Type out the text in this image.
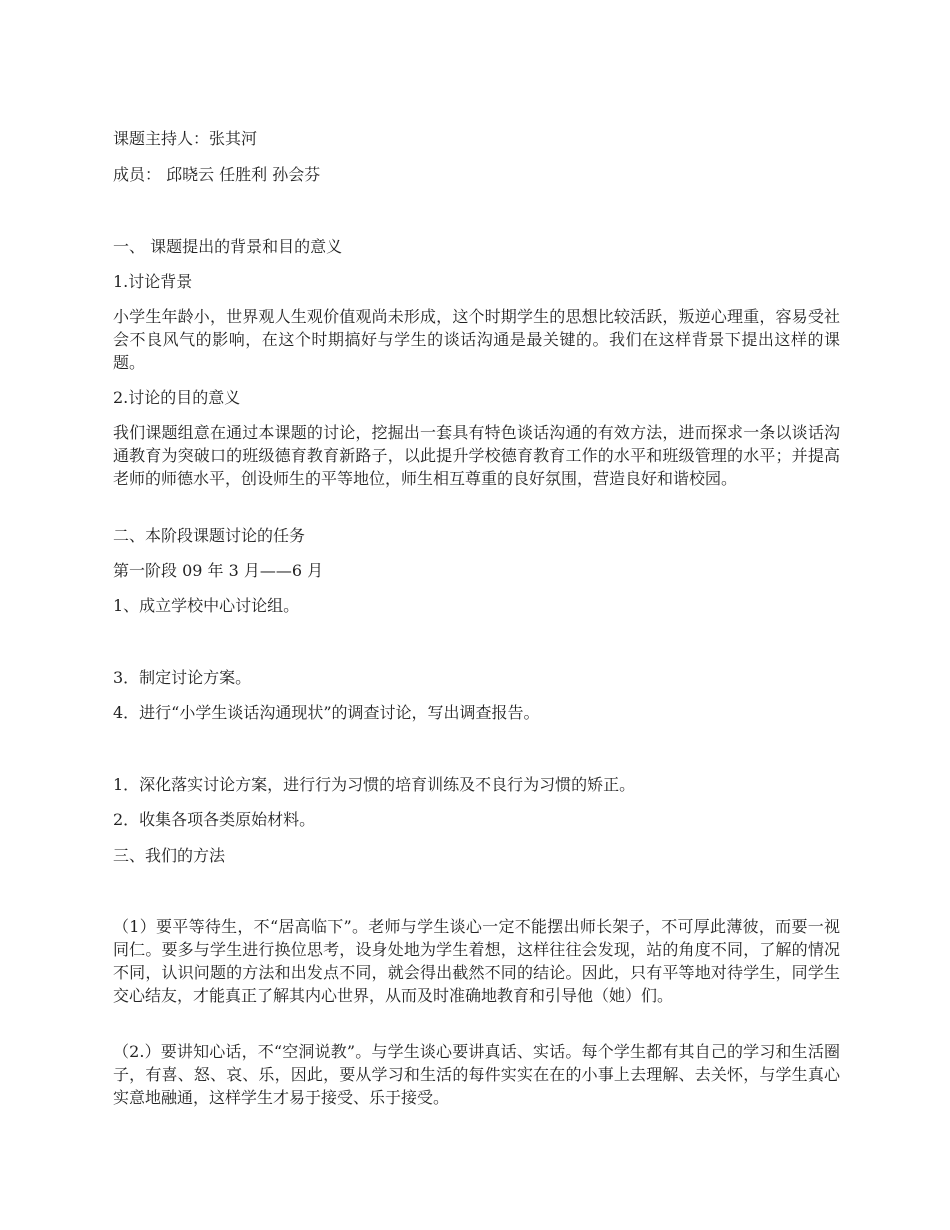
课题主持人：张其河

成员： 邱晓云 任胜利 孙会芬

一、 课题提出的背景和目的意义

1.讨论背景

小学生年龄小，世界观人生观价值观尚未形成，这个时期学生的思想比较活跃，叛逆心理重，容易受社会不良风气的影响，在这个时期搞好与学生的谈话沟通是最关键的。我们在这样背景下提出这样的课题。

2.讨论的目的意义

我们课题组意在通过本课题的讨论，挖掘出一套具有特色谈话沟通的有效方法，进而探求一条以谈话沟通教育为突破口的班级德育教育新路子，以此提升学校德育教育工作的水平和班级管理的水平；并提高老师的师德水平，创设师生的平等地位，师生相互尊重的良好氛围，营造良好和谐校园。

二、本阶段课题讨论的任务

第一阶段 09 年 3 月——6 月

1、成立学校中心讨论组。

3．制定讨论方案。

4．进行“小学生谈话沟通现状”的调查讨论，写出调查报告。

1．深化落实讨论方案，进行行为习惯的培育训练及不良行为习惯的矫正。

2．收集各项各类原始材料。

三、我们的方法

（1）要平等待生，不“居高临下”。老师与学生谈心一定不能摆出师长架子，不可厚此薄彼，而要一视同仁。要多与学生进行换位思考，设身处地为学生着想，这样往往会发现，站的角度不同，了解的情况不同，认识问题的方法和出发点不同，就会得出截然不同的结论。因此，只有平等地对待学生，同学生交心结友，才能真正了解其内心世界，从而及时准确地教育和引导他（她）们。

（2.）要讲知心话，不“空洞说教”。与学生谈心要讲真话、实话。每个学生都有其自己的学习和生活圈子，有喜、怒、哀、乐，因此，要从学习和生活的每件实实在在的小事上去理解、去关怀，与学生真心实意地融通，这样学生才易于接受、乐于接受。
